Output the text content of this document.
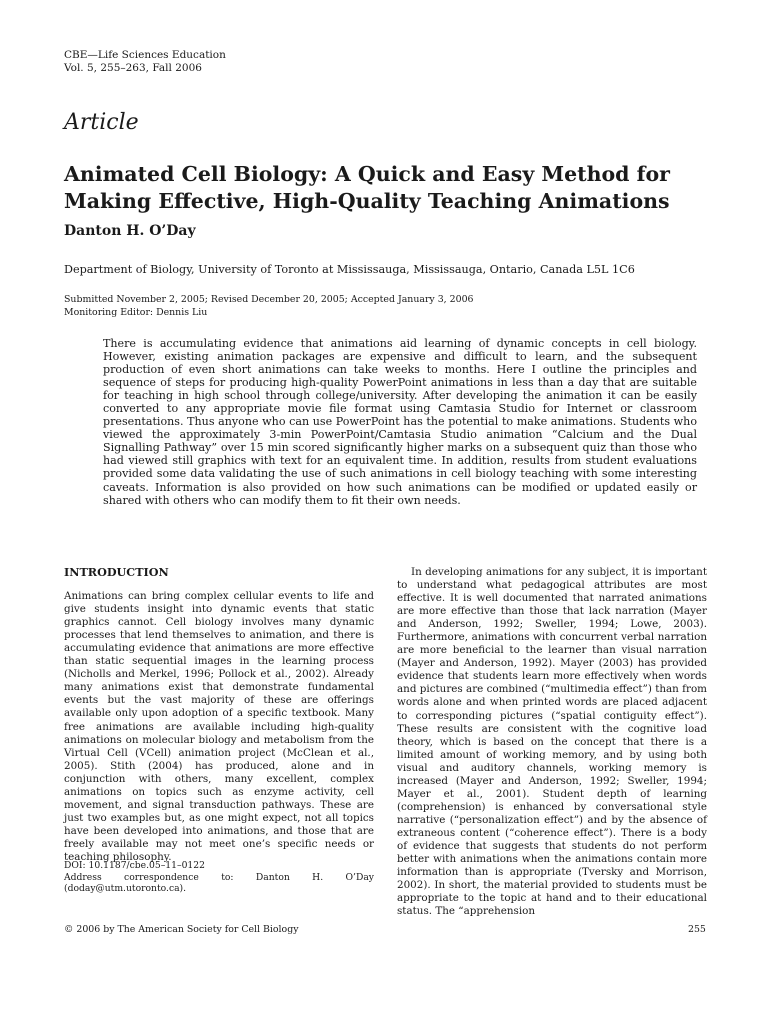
CBE—Life Sciences Education
Vol. 5, 255–263, Fall 2006
Article
Animated Cell Biology: A Quick and Easy Method for Making Effective, High-Quality Teaching Animations
Danton H. O’Day
Department of Biology, University of Toronto at Mississauga, Mississauga, Ontario, Canada L5L 1C6
Submitted November 2, 2005; Revised December 20, 2005; Accepted January 3, 2006
Monitoring Editor: Dennis Liu
There is accumulating evidence that animations aid learning of dynamic concepts in cell biology. However, existing animation packages are expensive and difficult to learn, and the subsequent production of even short animations can take weeks to months. Here I outline the principles and sequence of steps for producing high-quality PowerPoint animations in less than a day that are suitable for teaching in high school through college/university. After developing the animation it can be easily converted to any appropriate movie file format using Camtasia Studio for Internet or classroom presentations. Thus anyone who can use PowerPoint has the potential to make animations. Students who viewed the approximately 3-min PowerPoint/Camtasia Studio animation “Calcium and the Dual Signalling Pathway” over 15 min scored significantly higher marks on a subsequent quiz than those who had viewed still graphics with text for an equivalent time. In addition, results from student evaluations provided some data validating the use of such animations in cell biology teaching with some interesting caveats. Information is also provided on how such animations can be modified or updated easily or shared with others who can modify them to fit their own needs.
INTRODUCTION

Animations can bring complex cellular events to life and give students insight into dynamic events that static graphics cannot. Cell biology involves many dynamic processes that lend themselves to animation, and there is accumulating evidence that animations are more effective than static sequential images in the learning process (Nicholls and Merkel, 1996; Pollock et al., 2002). Already many animations exist that demonstrate fundamental events but the vast majority of these are offerings available only upon adoption of a specific textbook. Many free animations are available including high-quality animations on molecular biology and metabolism from the Virtual Cell (VCell) animation project (McClean et al., 2005). Stith (2004) has produced, alone and in conjunction with others, many excellent, complex animations on topics such as enzyme activity, cell movement, and signal transduction pathways. These are just two examples but, as one might expect, not all topics have been developed into animations, and those that are freely available may not meet one’s specific needs or teaching philosophy.

In developing animations for any subject, it is important to understand what pedagogical attributes are most effective. It is well documented that narrated animations are more effective than those that lack narration (Mayer and Anderson, 1992; Sweller, 1994; Lowe, 2003). Furthermore, animations with concurrent verbal narration are more beneficial to the learner than visual narration (Mayer and Anderson, 1992). Mayer (2003) has provided evidence that students learn more effectively when words and pictures are combined (“multimedia effect”) than from words alone and when printed words are placed adjacent to corresponding pictures (“spatial contiguity effect”). These results are consistent with the cognitive load theory, which is based on the concept that there is a limited amount of working memory, and by using both visual and auditory channels, working memory is increased (Mayer and Anderson, 1992; Sweller, 1994; Mayer et al., 2001). Student depth of learning (comprehension) is enhanced by conversational style narrative (“personalization effect”) and by the absence of extraneous content (“coherence effect”). There is a body of evidence that suggests that students do not perform better with animations when the animations contain more information than is appropriate (Tversky and Morrison, 2002). In short, the material provided to students must be appropriate to the topic at hand and to their educational status. The “apprehension

DOI: 10.1187/cbe.05–11–0122
Address correspondence to: Danton H. O’Day (doday@utm.utoronto.ca).
© 2006 by The American Society for Cell Biology	255
